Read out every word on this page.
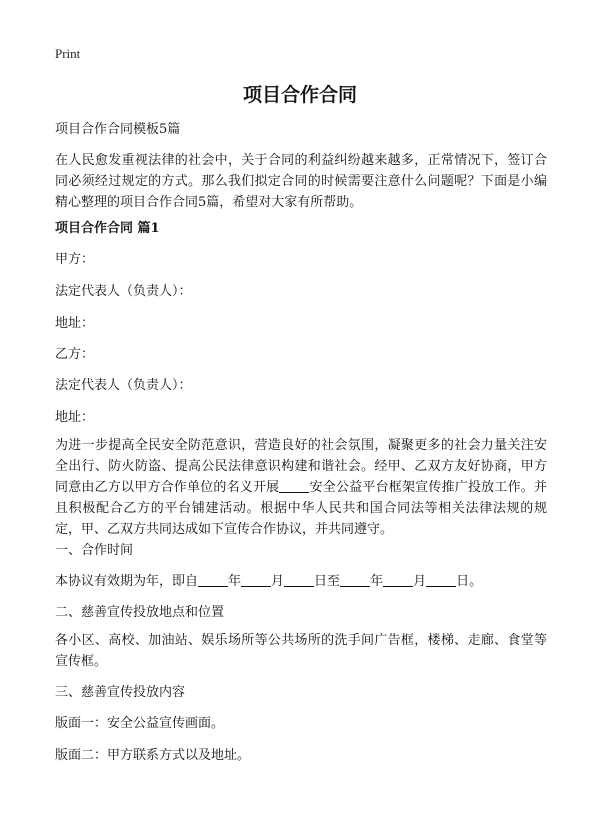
Print
项目合作合同

项目合作合同模板5篇

在人民愈发重视法律的社会中，关于合同的利益纠纷越来越多，正常情况下，签订合同必须经过规定的方式。那么我们拟定合同的时候需要注意什么问题呢？下面是小编精心整理的项目合作合同5篇，希望对大家有所帮助。

项目合作合同 篇1

甲方：

法定代表人（负责人）：

地址：

乙方：

法定代表人（负责人）：

地址：

为进一步提高全民安全防范意识，营造良好的社会氛围，凝聚更多的社会力量关注安全出行、防火防盗、提高公民法律意识构建和谐社会。经甲、乙双方友好协商，甲方同意由乙方以甲方合作单位的名义开展 安全公益平台框架宣传推广投放工作。并且积极配合乙方的平台铺建活动。根据中华人民共和国合同法等相关法律法规的规定，甲、乙双方共同达成如下宣传合作协议，并共同遵守。

一、合作时间

本协议有效期为年，即自 年 月 日至 年 月 日。

二、慈善宣传投放地点和位置

各小区、高校、加油站、娱乐场所等公共场所的洗手间广告框，楼梯、走廊、食堂等宣传框。

三、慈善宣传投放内容

版面一：安全公益宣传画面。

版面二：甲方联系方式以及地址。
